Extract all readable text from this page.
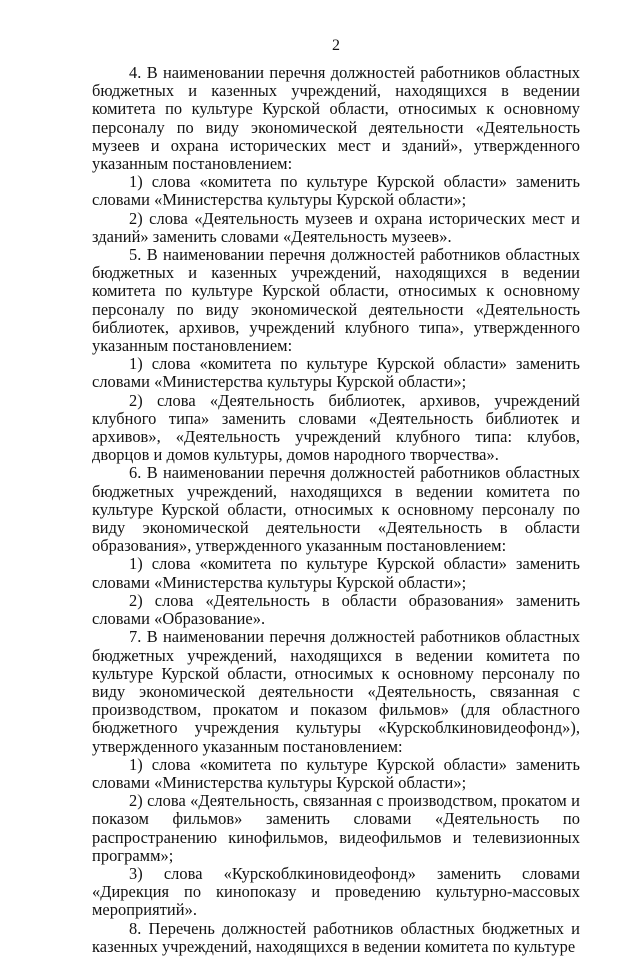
2

4. В наименовании перечня должностей работников областных бюджетных и казенных учреждений, находящихся в ведении комитета по культуре Курской области, относимых к основному персоналу по виду экономической деятельности «Деятельность музеев и охрана исторических мест и зданий», утвержденного указанным постановлением:

1) слова «комитета по культуре Курской области» заменить словами «Министерства культуры Курской области»;

2) слова «Деятельность музеев и охрана исторических мест и зданий» заменить словами «Деятельность музеев».

5. В наименовании перечня должностей работников областных бюджетных и казенных учреждений, находящихся в ведении комитета по культуре Курской области, относимых к основному персоналу по виду экономической деятельности «Деятельность библиотек, архивов, учреждений клубного типа», утвержденного указанным постановлением:

1) слова «комитета по культуре Курской области» заменить словами «Министерства культуры Курской области»;

2) слова «Деятельность библиотек, архивов, учреждений клубного типа» заменить словами «Деятельность библиотек и архивов», «Деятельность учреждений клубного типа: клубов, дворцов и домов культуры, домов народного творчества».

6. В наименовании перечня должностей работников областных бюджетных учреждений, находящихся в ведении комитета по культуре Курской области, относимых к основному персоналу по виду экономической деятельности «Деятельность в области образования», утвержденного указанным постановлением:

1) слова «комитета по культуре Курской области» заменить словами «Министерства культуры Курской области»;

2) слова «Деятельность в области образования» заменить словами «Образование».

7. В наименовании перечня должностей работников областных бюджетных учреждений, находящихся в ведении комитета по культуре Курской области, относимых к основному персоналу по виду экономической деятельности «Деятельность, связанная с производством, прокатом и показом фильмов» (для областного бюджетного учреждения культуры «Курскоблкиновидеофонд»), утвержденного указанным постановлением:

1) слова «комитета по культуре Курской области» заменить словами «Министерства культуры Курской области»;

2) слова «Деятельность, связанная с производством, прокатом и показом фильмов» заменить словами «Деятельность по распространению кинофильмов, видеофильмов и телевизионных программ»;

3) слова «Курскоблкиновидеофонд» заменить словами «Дирекция по кинопоказу и проведению культурно-массовых мероприятий».

8. Перечень должностей работников областных бюджетных и казенных учреждений, находящихся в ведении комитета по культуре
